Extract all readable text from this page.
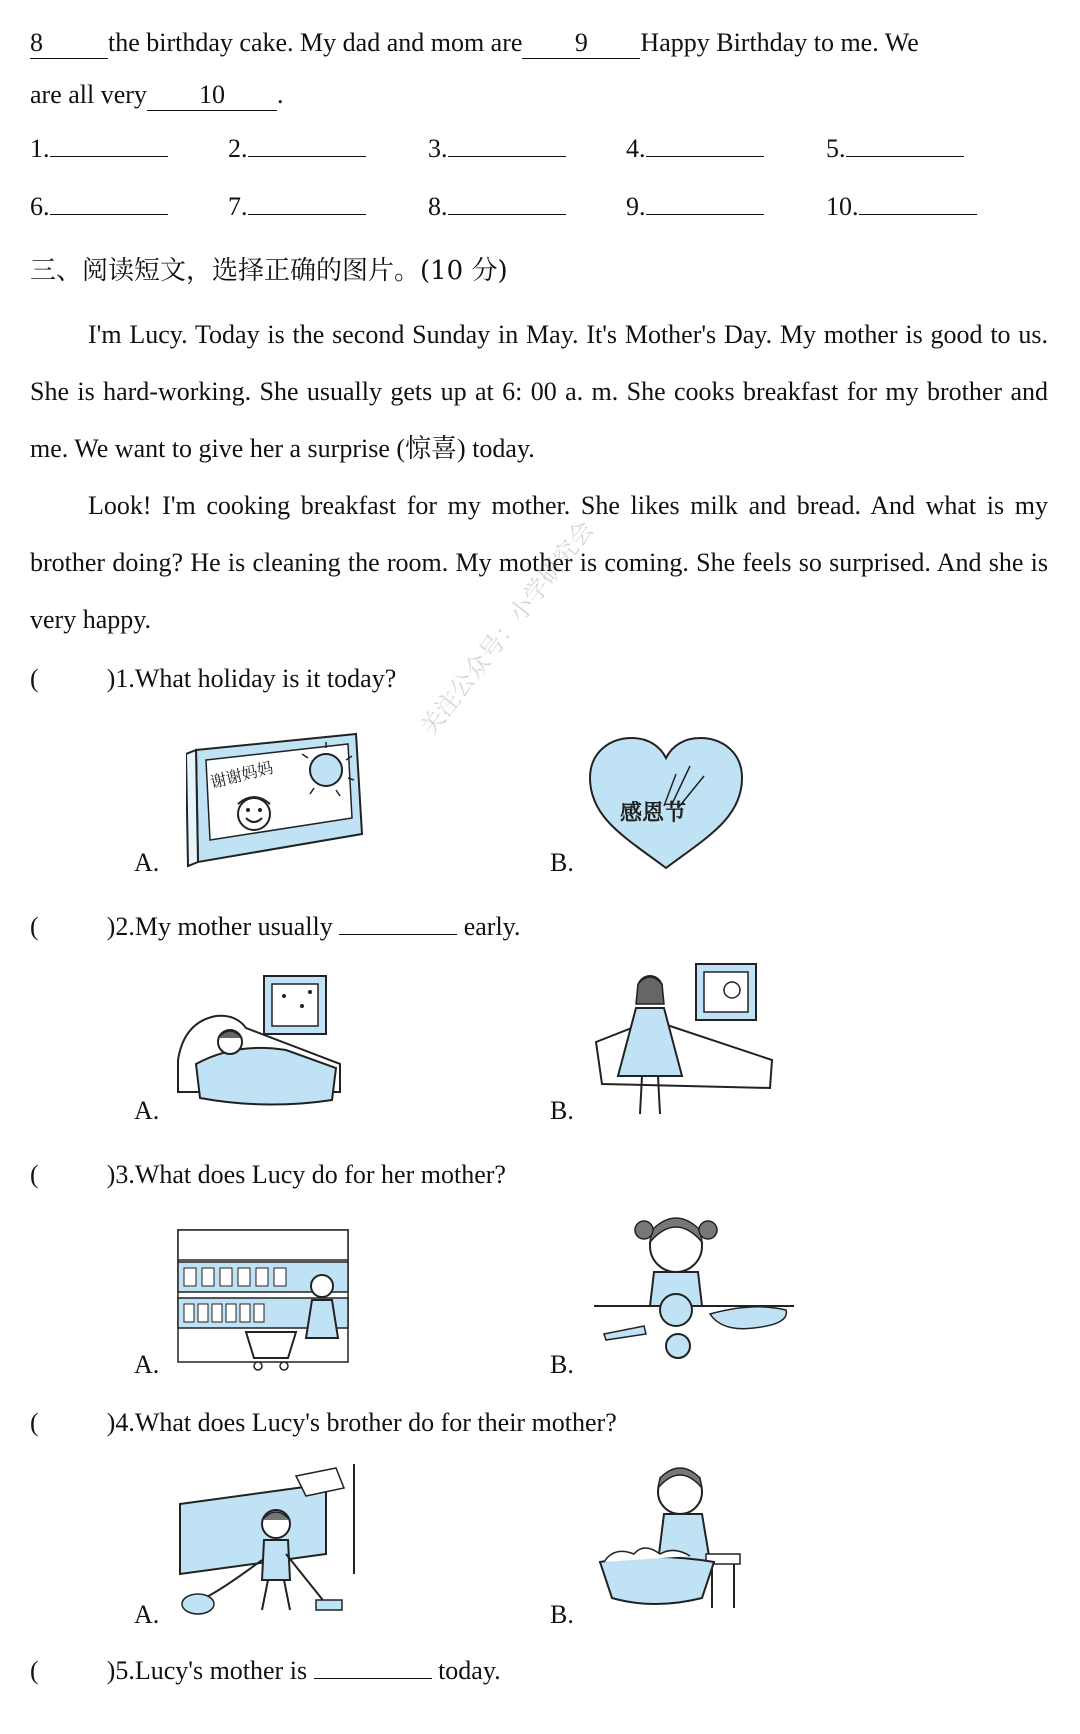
8	the birthday cake. My dad and mom are 9 Happy Birthday to me. We
are all very 10 .
1.	2.	3.	4.	5.
6.	7.	8.	9.	10.
三、阅读短文，选择正确的图片。(10 分)

I'm Lucy. Today is the second Sunday in May. It's Mother's Day. My mother is good to us. She is hard‑working. She usually gets up at 6: 00 a. m. She cooks breakfast for my brother and me. We want to give her a surprise (惊喜) today.

Look! I'm cooking breakfast for my mother. She likes milk and bread. And what is my brother doing? He is cleaning the room. My mother is coming. She feels so surprised. And she is very happy.

(	)1.What holiday is it today?
A.	B.
谢谢妈妈
感恩节
(	)2.My mother usually	early.
A.	B.
(	)3.What does Lucy do for her mother?
A.	B.
(	)4.What does Lucy's brother do for their mother?
A.	B.
(	)5.Lucy's mother is	today.
关注公众号：小学研究会
